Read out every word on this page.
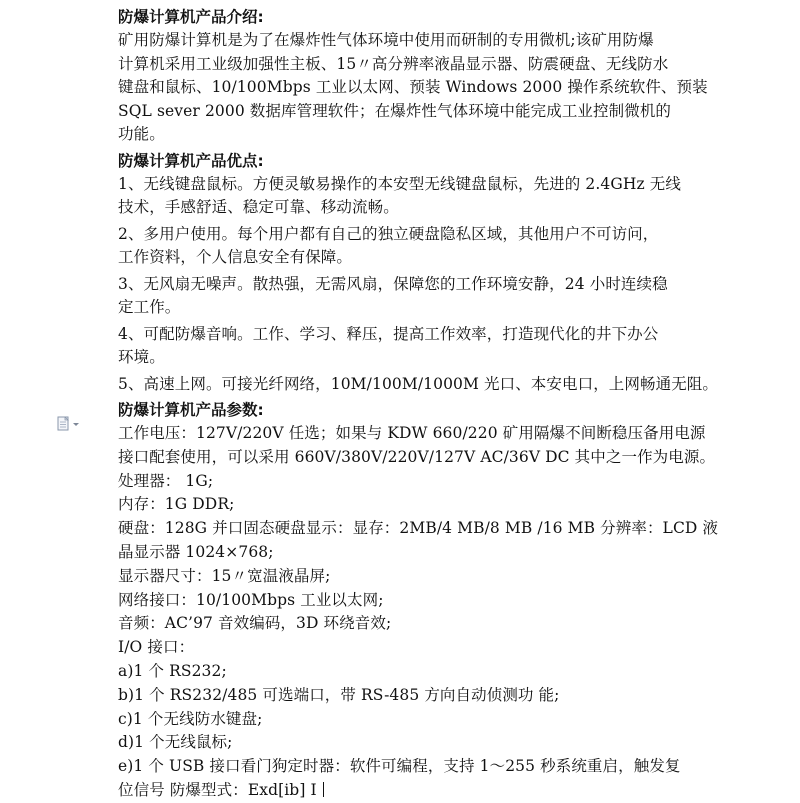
防爆计算机产品介绍:
矿用防爆计算机是为了在爆炸性气体环境中使用而研制的专用微机;该矿用防爆
计算机采用工业级加强性主板、15〃高分辨率液晶显示器、防震硬盘、无线防水
键盘和鼠标、10/100Mbps 工业以太网、预装 Windows 2000 操作系统软件、预装
SQL sever 2000 数据库管理软件；在爆炸性气体环境中能完成工业控制微机的
功能。
防爆计算机产品优点:
1、无线键盘鼠标。方便灵敏易操作的本安型无线键盘鼠标，先进的 2.4GHz 无线
技术，手感舒适、稳定可靠、移动流畅。
2、多用户使用。每个用户都有自己的独立硬盘隐私区域，其他用户不可访问，
工作资料，个人信息安全有保障。
3、无风扇无噪声。散热强，无需风扇，保障您的工作环境安静，24 小时连续稳
定工作。
4、可配防爆音响。工作、学习、释压，提高工作效率，打造现代化的井下办公
环境。
5、高速上网。可接光纤网络，10M/100M/1000M 光口、本安电口，上网畅通无阻。
防爆计算机产品参数:
工作电压：127V/220V 任选；如果与 KDW 660/220 矿用隔爆不间断稳压备用电源
接口配套使用，可以采用 660V/380V/220V/127V AC/36V DC 其中之一作为电源。
处理器： 1G;
内存：1G DDR;
硬盘：128G 并口固态硬盘显示：显存：2MB/4 MB/8 MB /16 MB 分辨率：LCD 液
晶显示器 1024×768;
显示器尺寸：15〃宽温液晶屏;
网络接口：10/100Mbps 工业以太网;
音频：AC’97 音效编码，3D 环绕音效;
I/O 接口：
a)1 个 RS232;
b)1 个 RS232/485 可选端口，带 RS-485 方向自动侦测功 能;
c)1 个无线防水键盘;
d)1 个无线鼠标;
e)1 个 USB 接口看门狗定时器：软件可编程，支持 1～255 秒系统重启，触发复
位信号 防爆型式：Exd[ib] Ⅰ
